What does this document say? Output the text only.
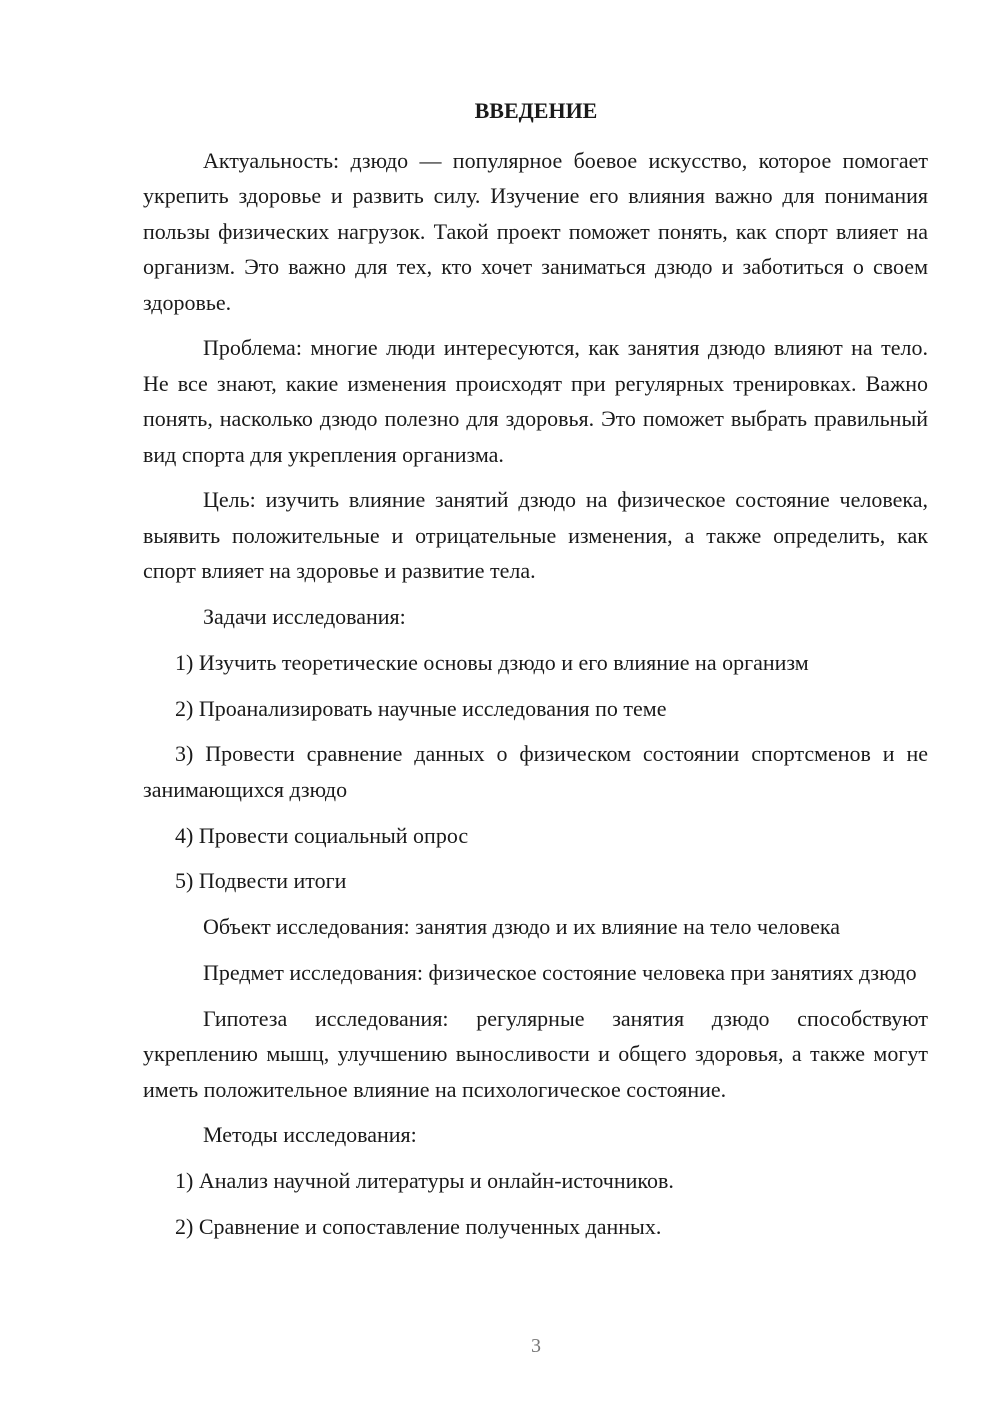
ВВЕДЕНИЕ

Актуальность: дзюдо — популярное боевое искусство, которое помогает укрепить здоровье и развить силу. Изучение его влияния важно для понимания пользы физических нагрузок. Такой проект поможет понять, как спорт влияет на организм. Это важно для тех, кто хочет заниматься дзюдо и заботиться о своем здоровье.

Проблема: многие люди интересуются, как занятия дзюдо влияют на тело. Не все знают, какие изменения происходят при регулярных тренировках. Важно понять, насколько дзюдо полезно для здоровья. Это поможет выбрать правильный вид спорта для укрепления организма.

Цель: изучить влияние занятий дзюдо на физическое состояние человека, выявить положительные и отрицательные изменения, а также определить, как спорт влияет на здоровье и развитие тела.

Задачи исследования:

1) Изучить теоретические основы дзюдо и его влияние на организм

2) Проанализировать научные исследования по теме

3) Провести сравнение данных о физическом состоянии спортсменов и не занимающихся дзюдо

4) Провести социальный опрос

5) Подвести итоги

Объект исследования: занятия дзюдо и их влияние на тело человека

Предмет исследования: физическое состояние человека при занятиях дзюдо

Гипотеза исследования: регулярные занятия дзюдо способствуют укреплению мышц, улучшению выносливости и общего здоровья, а также могут иметь положительное влияние на психологическое состояние.

Методы исследования:

1) Анализ научной литературы и онлайн-источников.

2) Сравнение и сопоставление полученных данных.

3
